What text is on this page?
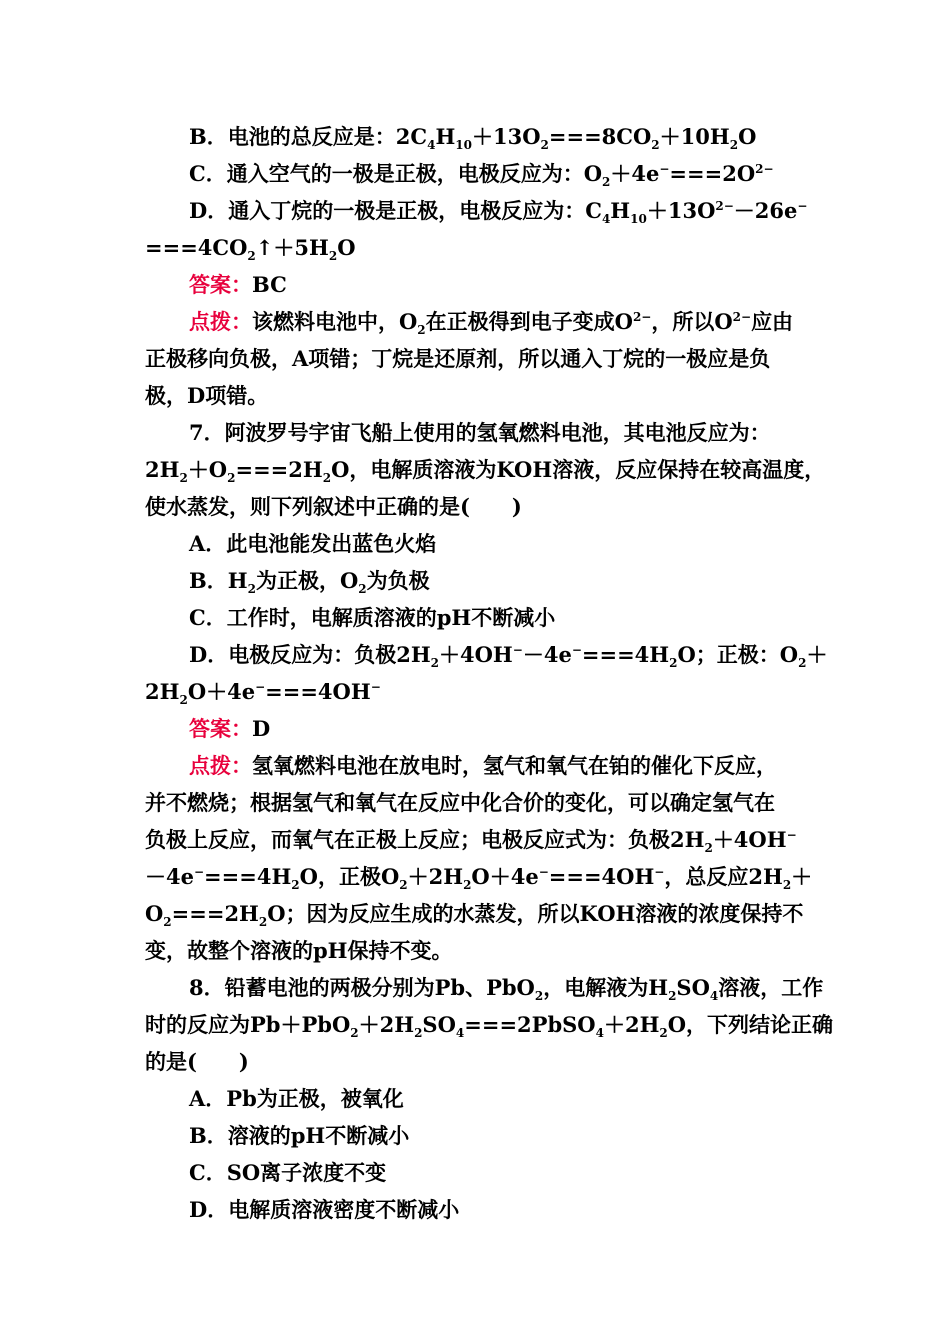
B．电池的总反应是：$2C_4H_{10}+13O_2===8CO_2+10H_2O$
C．通入空气的一极是正极，电极反应为：$O_2+4e^-===2O^{2-}$
D．通入丁烷的一极是正极，电极反应为：$C_4H_{10}+13O^{2-}-26e^-$
$===4CO_2↑+5H_2O$
答案：BC
点拨：该燃料电池中，$O_2$在正极得到电子变成$O^{2-}$，所以$O^{2-}$应由
正极移向负极，A项错；丁烷是还原剂，所以通入丁烷的一极应是负
极，D项错。
7．阿波罗号宇宙飞船上使用的氢氧燃料电池，其电池反应为：
$2H_2+O_2===2H_2O$，电解质溶液为KOH溶液，反应保持在较高温度，
使水蒸发，则下列叙述中正确的是(　　)
A．此电池能发出蓝色火焰
B．$H_2$为正极，$O_2$为负极
C．工作时，电解质溶液的pH不断减小
D．电极反应为：负极$2H_2+4OH^--4e^-===4H_2O$；正极：$O_2+$
$2H_2O+4e^-===4OH^-$
答案：D
点拨：氢氧燃料电池在放电时，氢气和氧气在铂的催化下反应，
并不燃烧；根据氢气和氧气在反应中化合价的变化，可以确定氢气在
负极上反应，而氧气在正极上反应；电极反应式为：负极$2H_2+4OH^-$
$-4e^-===4H_2O$，正极$O_2+2H_2O+4e^-===4OH^-$，总反应$2H_2+$
$O_2===2H_2O$；因为反应生成的水蒸发，所以KOH溶液的浓度保持不
变，故整个溶液的pH保持不变。
8．铅蓄电池的两极分别为Pb、PbO$_2$，电解液为$H_2SO_4$溶液，工作
时的反应为$Pb+PbO_2+2H_2SO_4===2PbSO_4+2H_2O$，下列结论正确
的是(　　)
A．Pb为正极，被氧化
B．溶液的pH不断减小
C．SO离子浓度不变
D．电解质溶液密度不断减小
